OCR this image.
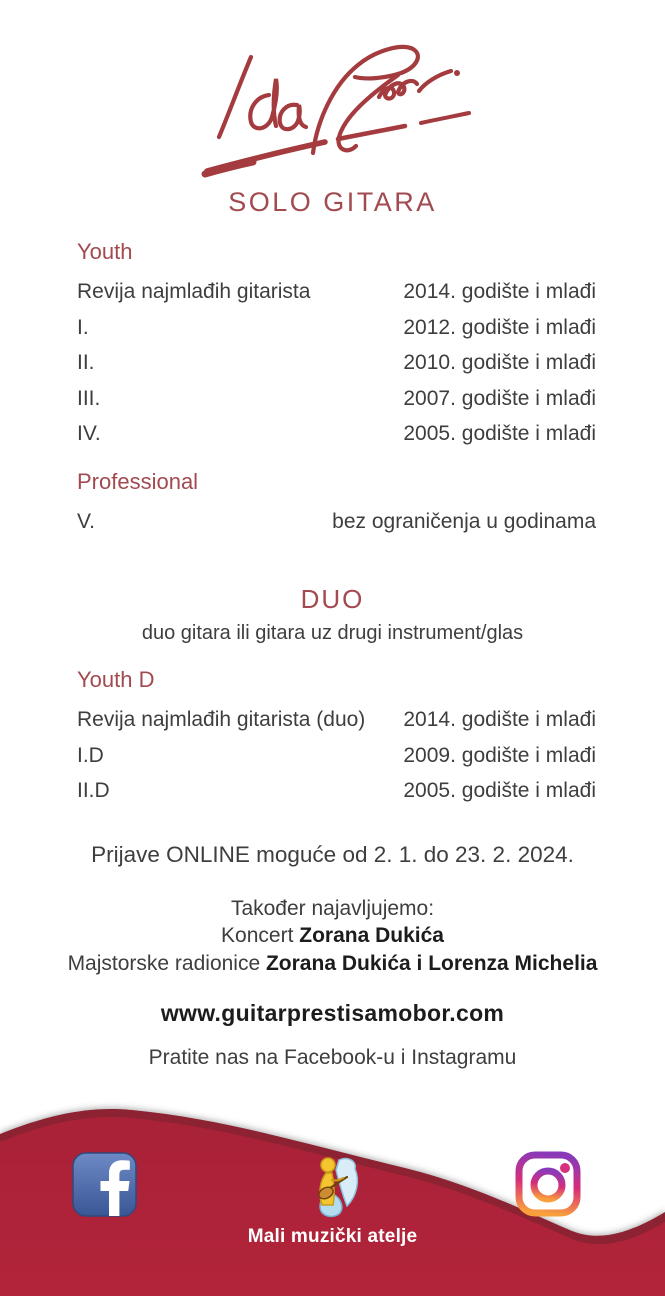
SOLO GITARA
Youth
Revija najmlađih gitarista	2014. godište i mlađi
I.	2012. godište i mlađi
II.	2010. godište i mlađi
III.	2007. godište i mlađi
IV.	2005. godište i mlađi
Professional
V.	bez ograničenja u godinama
DUO
duo gitara ili gitara uz drugi instrument/glas
Youth D
Revija najmlađih gitarista (duo) 2014. godište i mlađi
I.D	2009. godište i mlađi
II.D	2005. godište i mlađi
Prijave ONLINE moguće od 2. 1. do 23. 2. 2024.
Također najavljujemo:
Koncert Zorana Dukića
Majstorske radionice Zorana Dukića i Lorenza Michelia
www.guitarprestisamobor.com
Pratite nas na Facebook-u i Instagramu
Mali muzički atelje
